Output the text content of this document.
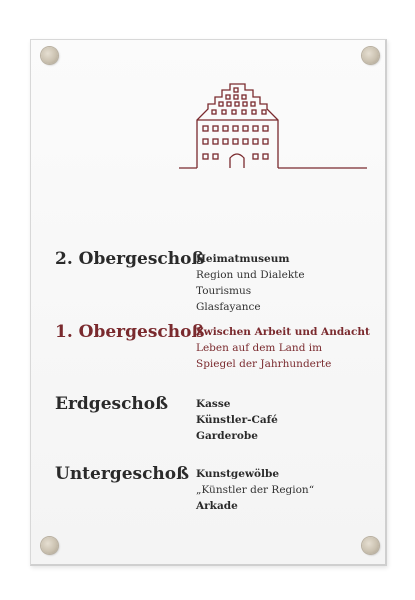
2. Obergeschoß
Heimatmuseum
Region und Dialekte
Tourismus
Glasfayance
1. Obergeschoß
Zwischen Arbeit und Andacht
Leben auf dem Land im
Spiegel der Jahrhunderte
Erdgeschoß	Kasse
Künstler-Café
Garderobe
Untergeschoß Kunstgewölbe
„Künstler der Region“
Arkade
